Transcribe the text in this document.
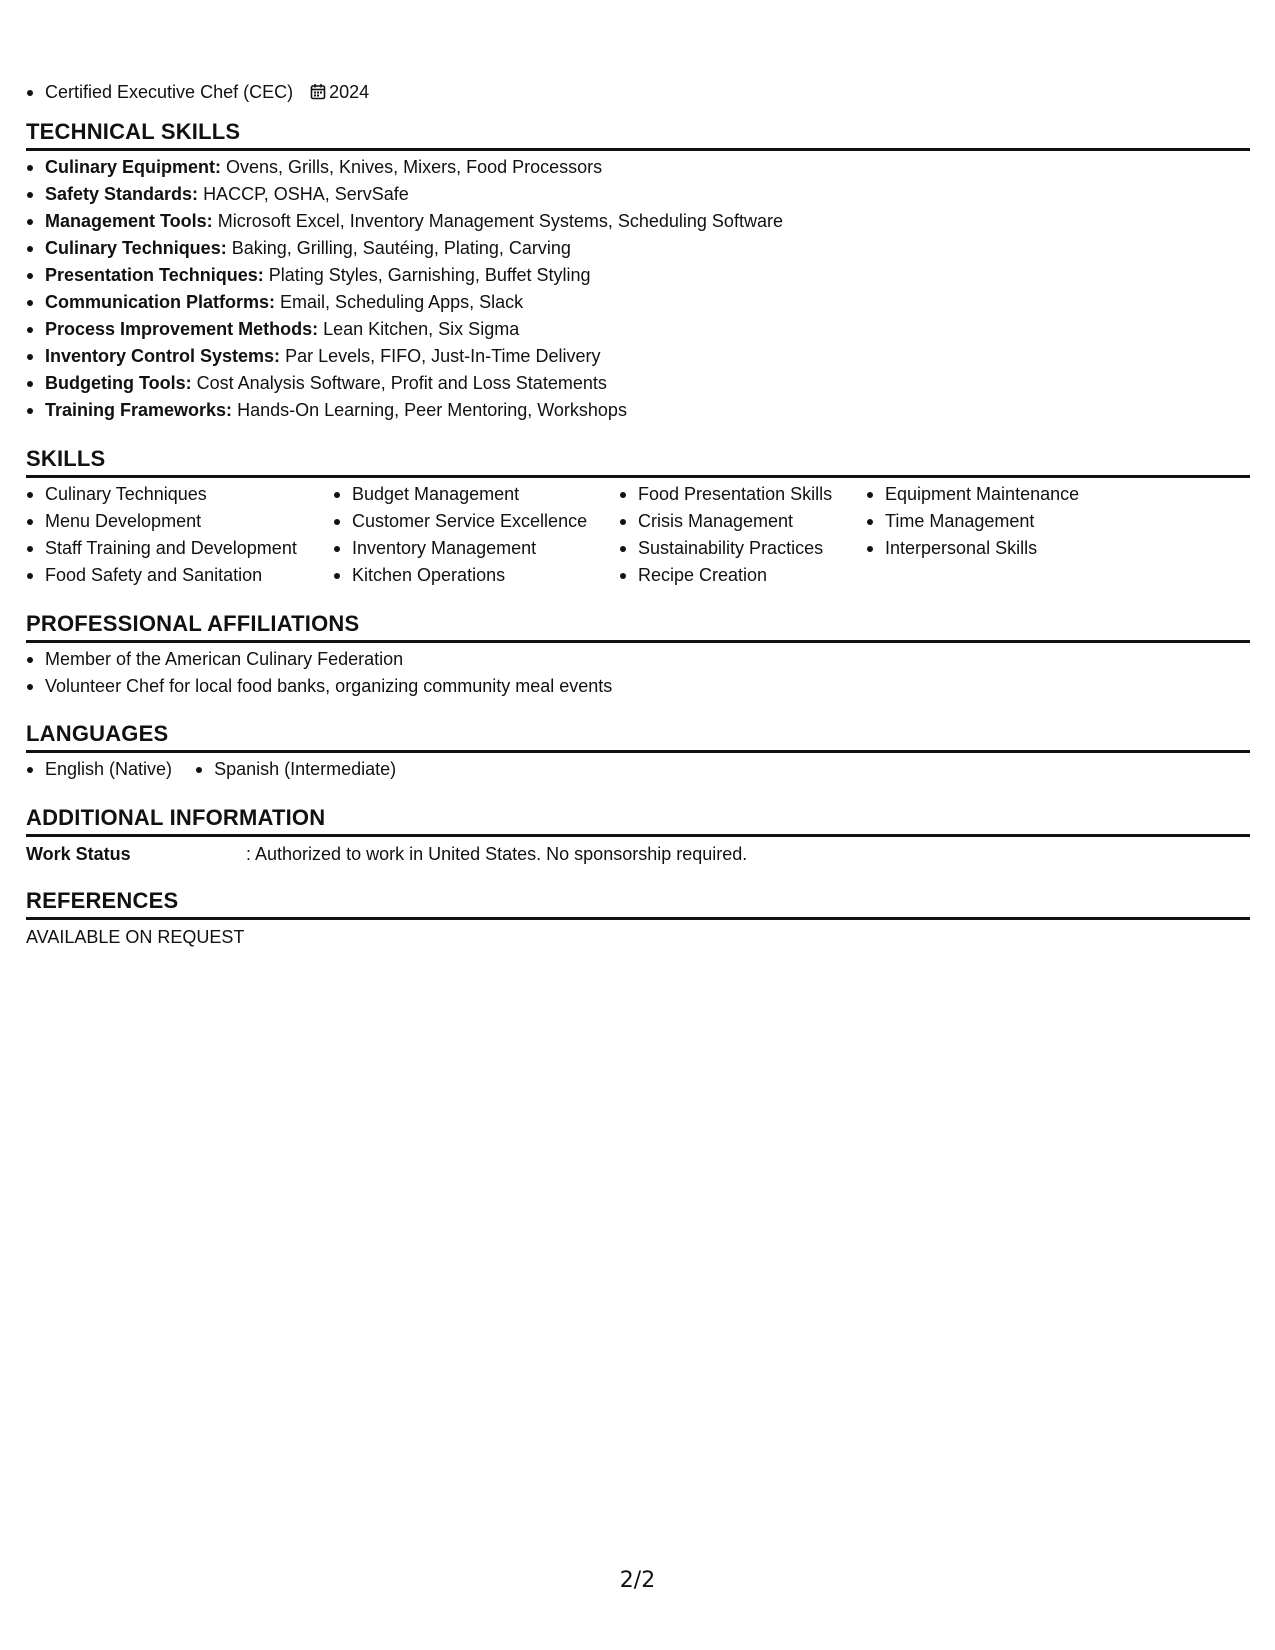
Certified Executive Chef (CEC) 2024
TECHNICAL SKILLS
Culinary Equipment: Ovens, Grills, Knives, Mixers, Food Processors
Safety Standards: HACCP, OSHA, ServSafe
Management Tools: Microsoft Excel, Inventory Management Systems, Scheduling Software
Culinary Techniques: Baking, Grilling, Sautéing, Plating, Carving
Presentation Techniques: Plating Styles, Garnishing, Buffet Styling
Communication Platforms: Email, Scheduling Apps, Slack
Process Improvement Methods: Lean Kitchen, Six Sigma
Inventory Control Systems: Par Levels, FIFO, Just-In-Time Delivery
Budgeting Tools: Cost Analysis Software, Profit and Loss Statements
Training Frameworks: Hands-On Learning, Peer Mentoring, Workshops
SKILLS
Culinary Techniques
Menu Development
Staff Training and Development
Food Safety and Sanitation
Budget Management
Customer Service Excellence
Inventory Management
Kitchen Operations
Food Presentation Skills
Crisis Management
Sustainability Practices
Recipe Creation
Equipment Maintenance
Time Management
Interpersonal Skills
PROFESSIONAL AFFILIATIONS
Member of the American Culinary Federation
Volunteer Chef for local food banks, organizing community meal events
LANGUAGES
English (Native) Spanish (Intermediate)
ADDITIONAL INFORMATION
Work Status	: Authorized to work in United States. No sponsorship required.
REFERENCES
AVAILABLE ON REQUEST
2/2
